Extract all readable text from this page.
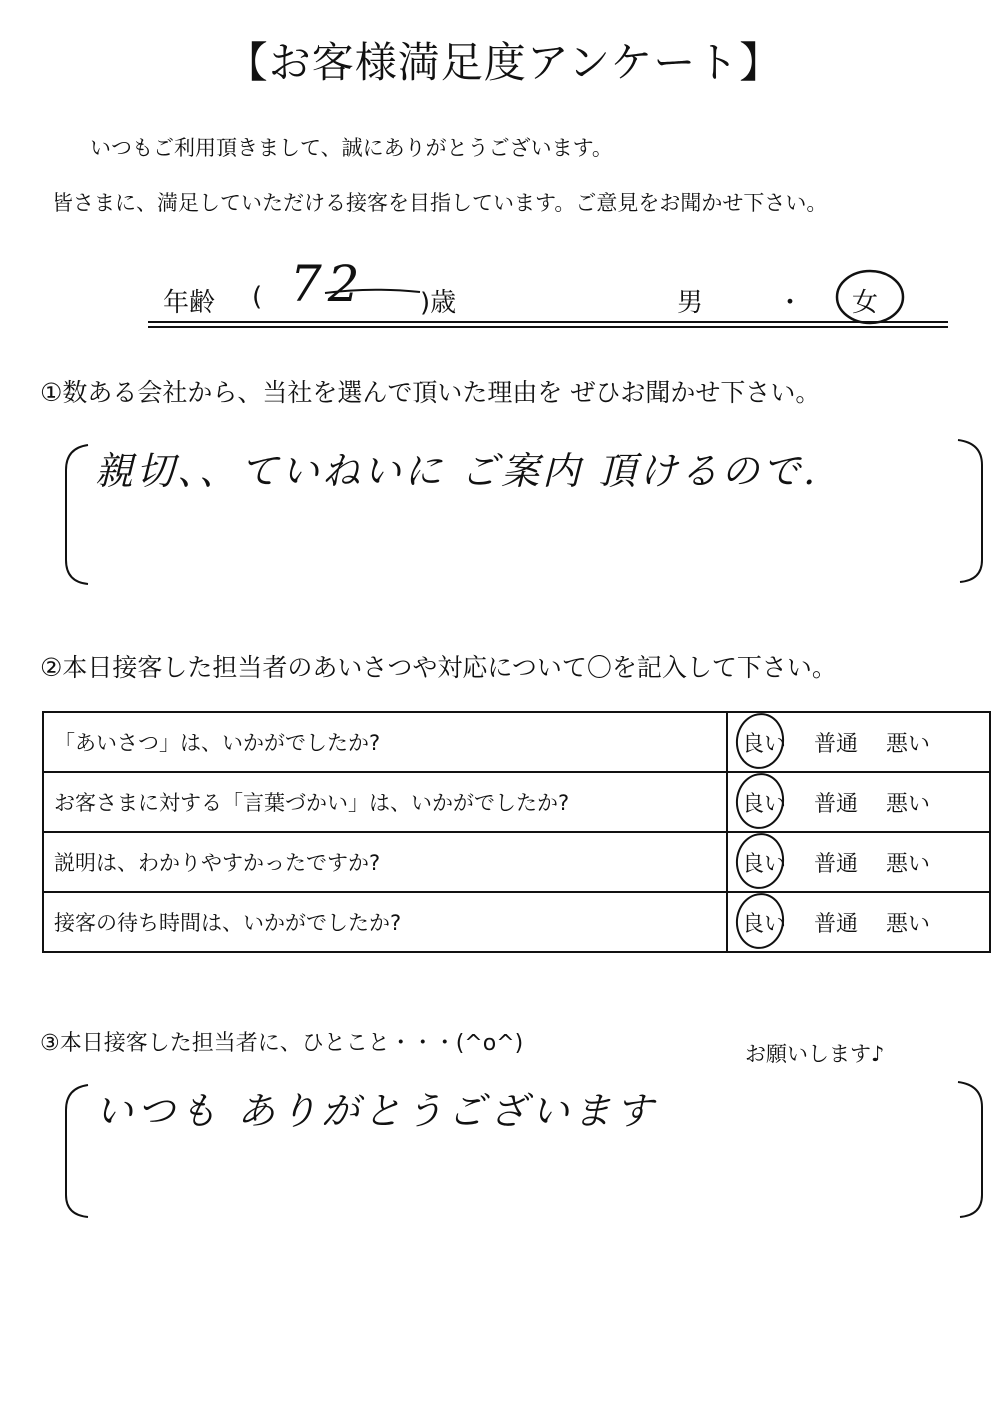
【お客様満足度アンケート】
いつもご利用頂きまして、誠にありがとうございます。
皆さまに、満足していただける接客を目指しています。ご意見をお聞かせ下さい。
年齢 ( 72 )歳	男	・ 女
①数ある会社から、当社を選んで頂いた理由を ぜひお聞かせ下さい。
親切、、ていねいに ご案内 頂けるので.
②本日接客した担当者のあいさつや対応について〇を記入して下さい。
「あいさつ」は、いかがでしたか?	良い 普通 悪い
お客さまに対する「言葉づかい」は、いかがでしたか?	良い 普通 悪い
説明は、わかりやすかったですか?	良い 普通 悪い
接客の待ち時間は、いかがでしたか?	良い 普通 悪い
③本日接客した担当者に、ひとこと・・・(^o^)	お願いします♪
いつも ありがとうございます
